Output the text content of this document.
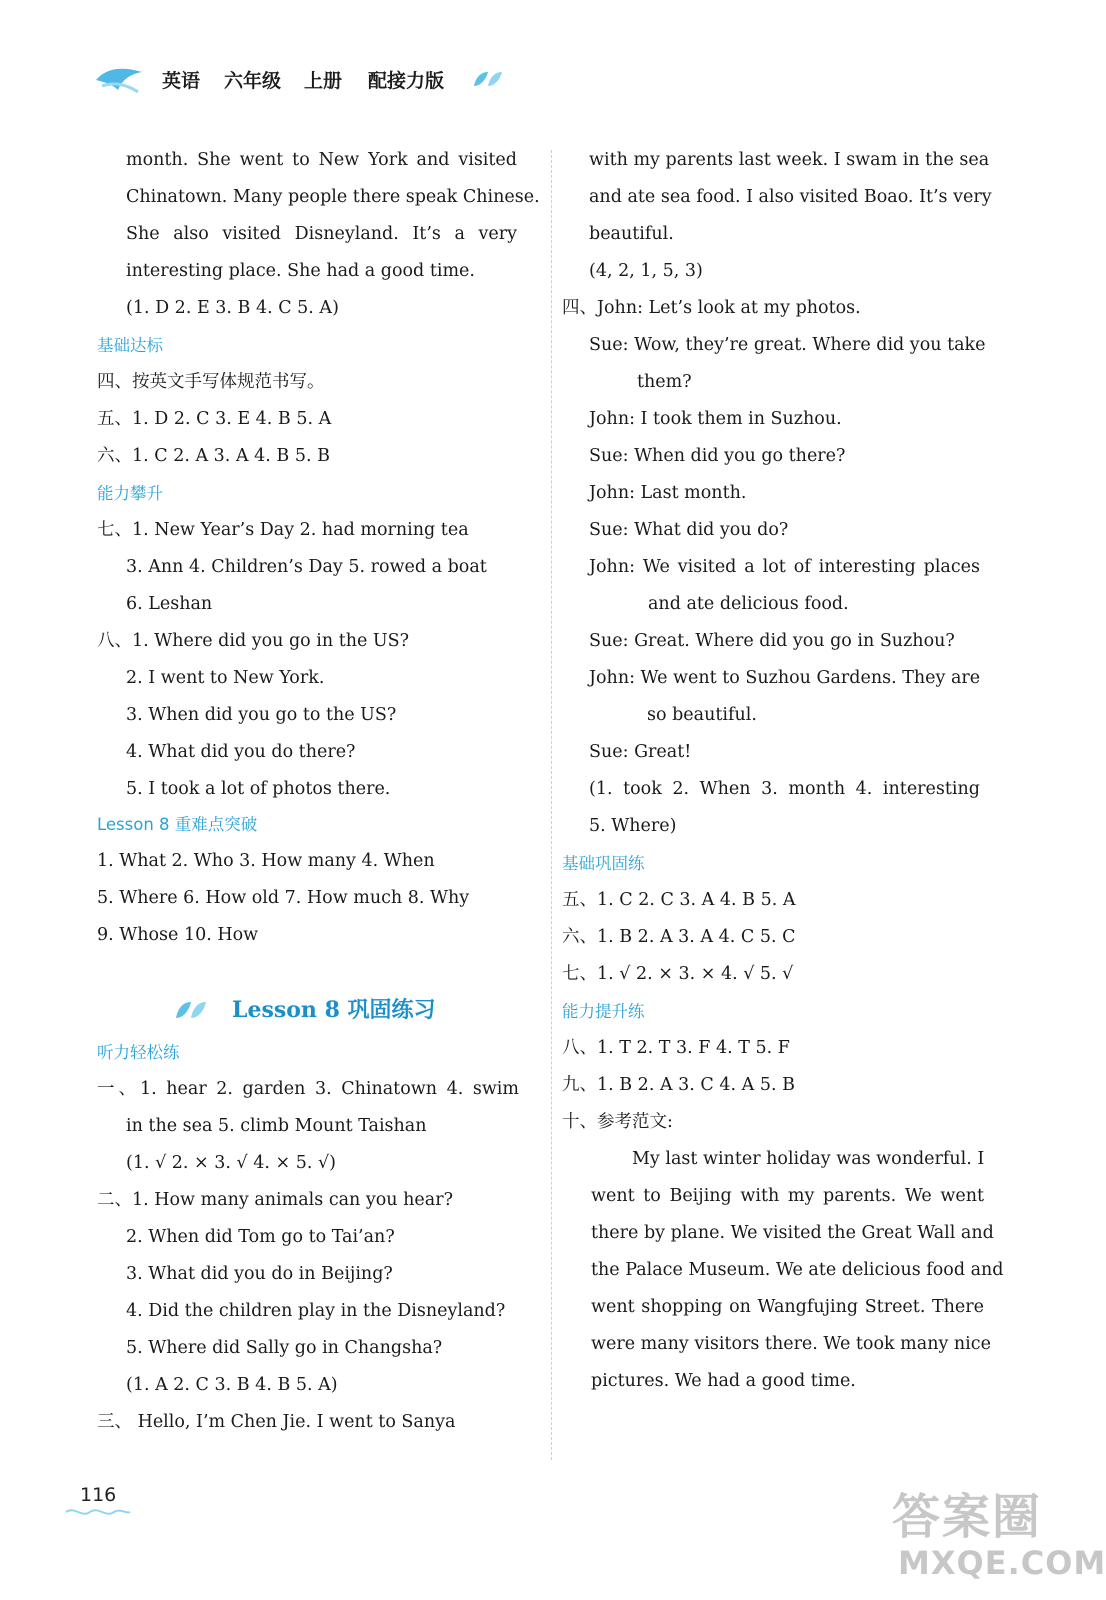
英语 六年级 上册 配接力版
month. She went to New York and visited
Chinatown. Many people there speak Chinese.
She also visited Disneyland. It’s a very
interesting place. She had a good time.
(1. D 2. E 3. B 4. C 5. A)
基础达标
四、按英文手写体规范书写。
五、1. D 2. C 3. E 4. B 5. A
六、1. C 2. A 3. A 4. B 5. B
能力攀升
七、1. New Year’s Day 2. had morning tea
3. Ann 4. Children’s Day 5. rowed a boat
6. Leshan
八、1. Where did you go in the US?
2. I went to New York.
3. When did you go to the US?
4. What did you do there?
5. I took a lot of photos there.
Lesson 8 重难点突破
1. What 2. Who 3. How many 4. When
5. Where 6. How old 7. How much 8. Why
9. Whose 10. How
Lesson 8 巩固练习
听力轻松练
一、1. hear 2. garden 3. Chinatown 4. swim
in the sea 5. climb Mount Taishan
(1. √ 2. × 3. √ 4. × 5. √)
二、1. How many animals can you hear?
2. When did Tom go to Tai’an?
3. What did you do in Beijing?
4. Did the children play in the Disneyland?
5. Where did Sally go in Changsha?
(1. A 2. C 3. B 4. B 5. A)
三、 Hello, I’m Chen Jie. I went to Sanya
with my parents last week. I swam in the sea
and ate sea food. I also visited Boao. It’s very
beautiful.
(4, 2, 1, 5, 3)
四、John: Let’s look at my photos.
Sue: Wow, they’re great. Where did you take
them?
John: I took them in Suzhou.
Sue: When did you go there?
John: Last month.
Sue: What did you do?
John: We visited a lot of interesting places
and ate delicious food.
Sue: Great. Where did you go in Suzhou?
John: We went to Suzhou Gardens. They are
so beautiful.
Sue: Great!
(1. took 2. When 3. month 4. interesting
5. Where)
基础巩固练
五、1. C 2. C 3. A 4. B 5. A
六、1. B 2. A 3. A 4. C 5. C
七、1. √ 2. × 3. × 4. √ 5. √
能力提升练
八、1. T 2. T 3. F 4. T 5. F
九、1. B 2. A 3. C 4. A 5. B
十、参考范文:
My last winter holiday was wonderful. I
went to Beijing with my parents. We went
there by plane. We visited the Great Wall and
the Palace Museum. We ate delicious food and
went shopping on Wangfujing Street. There
were many visitors there. We took many nice
pictures. We had a good time.
116	答案圈
MXQE.COM
